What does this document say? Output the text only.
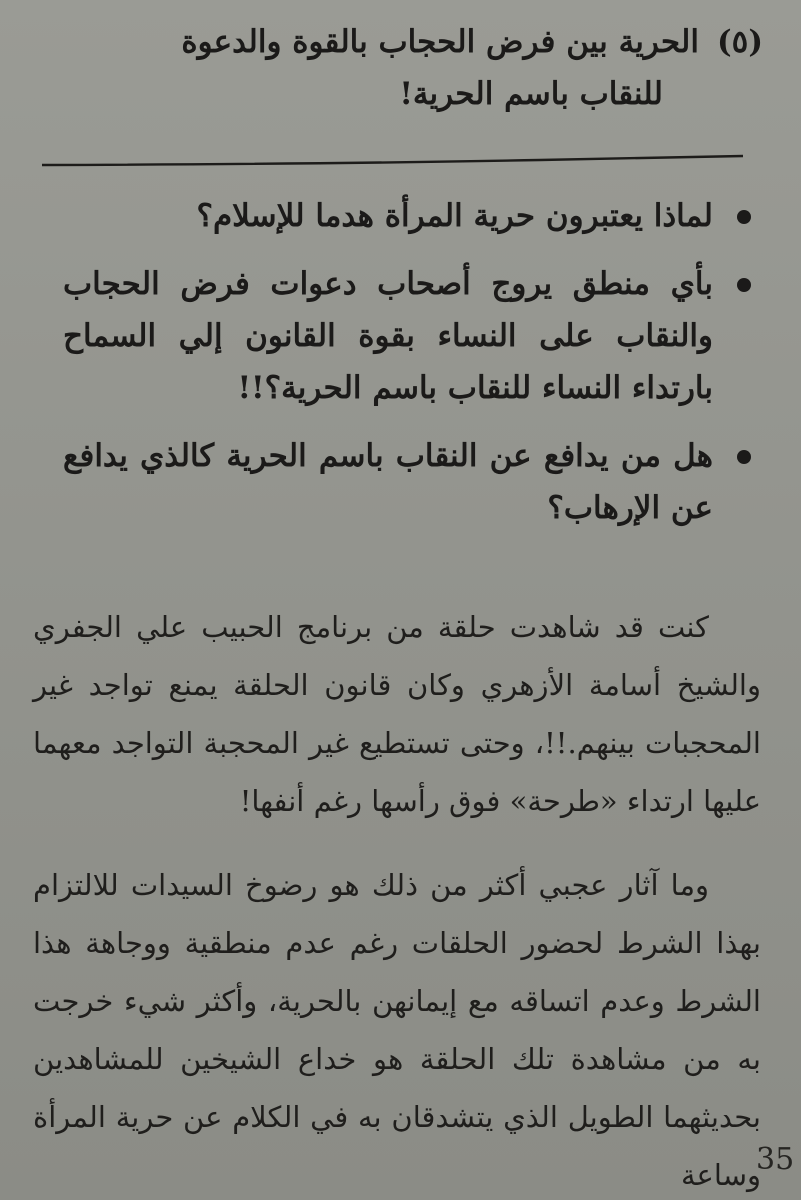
(٥)الحرية بين فرض الحجاب بالقوة والدعوة
للنقاب باسم الحرية!
لماذا يعتبرون حرية المرأة هدما للإسلام؟
بأي منطق يروج أصحاب دعوات فرض الحجاب والنقاب على النساء بقوة القانون إلي السماح بارتداء النساء للنقاب باسم الحرية؟!!
هل من يدافع عن النقاب باسم الحرية كالذي يدافع عن الإرهاب؟

كنت قد شاهدت حلقة من برنامج الحبيب علي الجفري والشيخ أسامة الأزهري وكان قانون الحلقة يمنع تواجد غير المحجبات بينهم.!!، وحتى تستطيع غير المحجبة التواجد معهما عليها ارتداء «طرحة» فوق رأسها رغم أنفها!

وما آثار عجبي أكثر من ذلك هو رضوخ السيدات للالتزام بهذا الشرط لحضور الحلقات رغم عدم منطقية ووجاهة هذا الشرط وعدم اتساقه مع إيمانهن بالحرية، وأكثر شيء خرجت به من مشاهدة تلك الحلقة هو خداع الشيخين للمشاهدين بحديثهما الطويل الذي يتشدقان به في الكلام عن حرية المرأة وساعة

35
